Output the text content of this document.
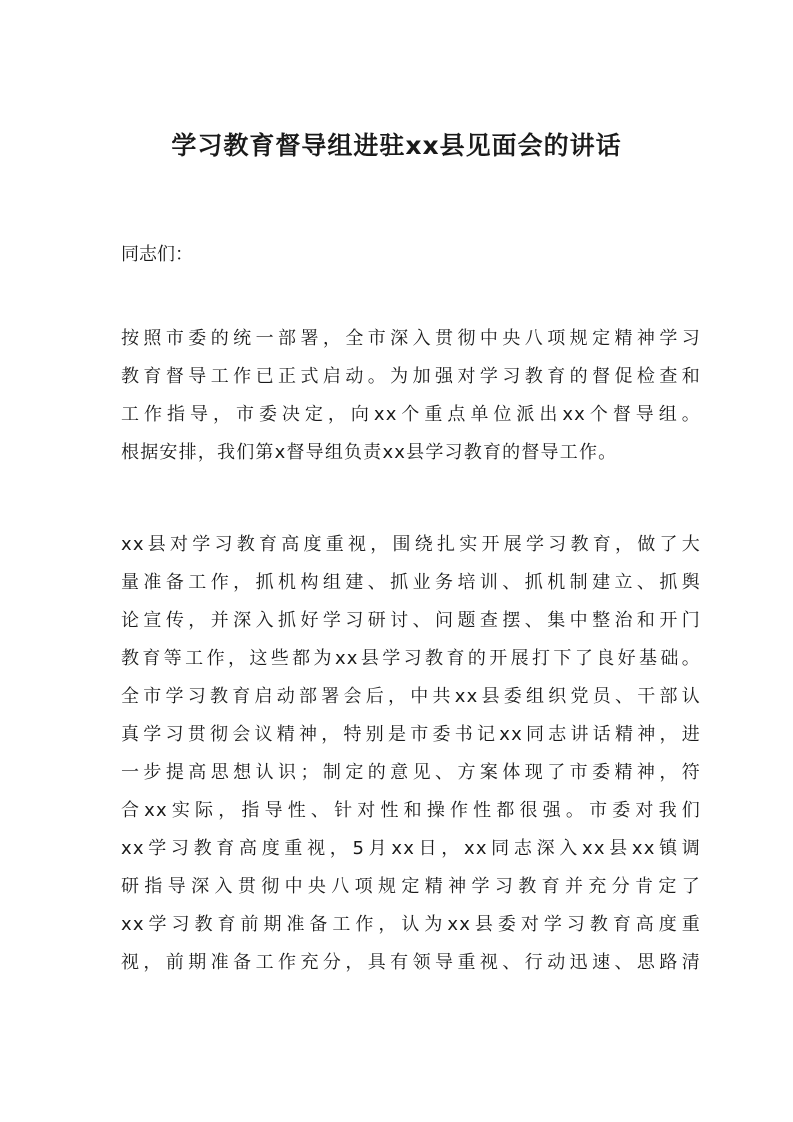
学习教育督导组进驻xx县见面会的讲话

同志们：

按照市委的统一部署，全市深入贯彻中央八项规定精神学习
教育督导工作已正式启动。为加强对学习教育的督促检查和
工作指导，市委决定，向xx个重点单位派出xx个督导组。
根据安排，我们第x督导组负责xx县学习教育的督导工作。
xx县对学习教育高度重视，围绕扎实开展学习教育，做了大
量准备工作，抓机构组建、抓业务培训、抓机制建立、抓舆
论宣传，并深入抓好学习研讨、问题查摆、集中整治和开门
教育等工作，这些都为xx县学习教育的开展打下了良好基础。
全市学习教育启动部署会后，中共xx县委组织党员、干部认
真学习贯彻会议精神，特别是市委书记xx同志讲话精神，进
一步提高思想认识；制定的意见、方案体现了市委精神，符
合xx实际，指导性、针对性和操作性都很强。市委对我们
xx学习教育高度重视，5月xx日，xx同志深入xx县xx镇调
研指导深入贯彻中央八项规定精神学习教育并充分肯定了
xx学习教育前期准备工作，认为xx县委对学习教育高度重
视，前期准备工作充分，具有领导重视、行动迅速、思路清
